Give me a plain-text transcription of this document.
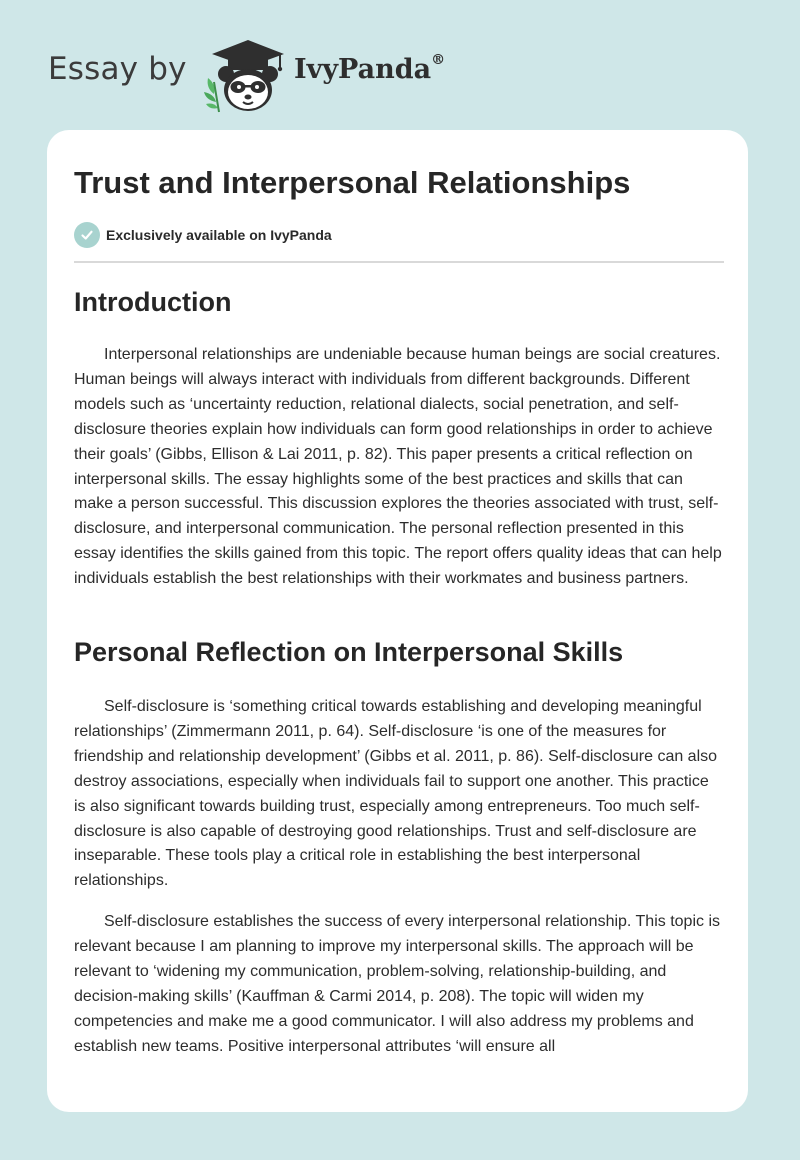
Essay by	IvyPanda®
Trust and Interpersonal Relationships
Exclusively available on IvyPanda
Introduction

Interpersonal relationships are undeniable because human beings are social creatures. Human beings will always interact with individuals from different backgrounds. Different models such as ‘uncertainty reduction, relational dialects, social penetration, and self-disclosure theories explain how individuals can form good relationships in order to achieve their goals’ (Gibbs, Ellison & Lai 2011, p. 82). This paper presents a critical reflection on interpersonal skills. The essay highlights some of the best practices and skills that can make a person successful. This discussion explores the theories associated with trust, self-disclosure, and interpersonal communication. The personal reflection presented in this essay identifies the skills gained from this topic. The report offers quality ideas that can help individuals establish the best relationships with their workmates and business partners.

Personal Reflection on Interpersonal Skills

Self-disclosure is ‘something critical towards establishing and developing meaningful relationships’ (Zimmermann 2011, p. 64). Self-disclosure ‘is one of the measures for friendship and relationship development’ (Gibbs et al. 2011, p. 86). Self-disclosure can also destroy associations, especially when individuals fail to support one another. This practice is also significant towards building trust, especially among entrepreneurs. Too much self-disclosure is also capable of destroying good relationships. Trust and self-disclosure are inseparable. These tools play a critical role in establishing the best interpersonal relationships.

Self-disclosure establishes the success of every interpersonal relationship. This topic is relevant because I am planning to improve my interpersonal skills. The approach will be relevant to ‘widening my communication, problem-solving, relationship-building, and decision-making skills’ (Kauffman & Carmi 2014, p. 208). The topic will widen my competencies and make me a good communicator. I will also address my problems and establish new teams. Positive interpersonal attributes ‘will ensure all
